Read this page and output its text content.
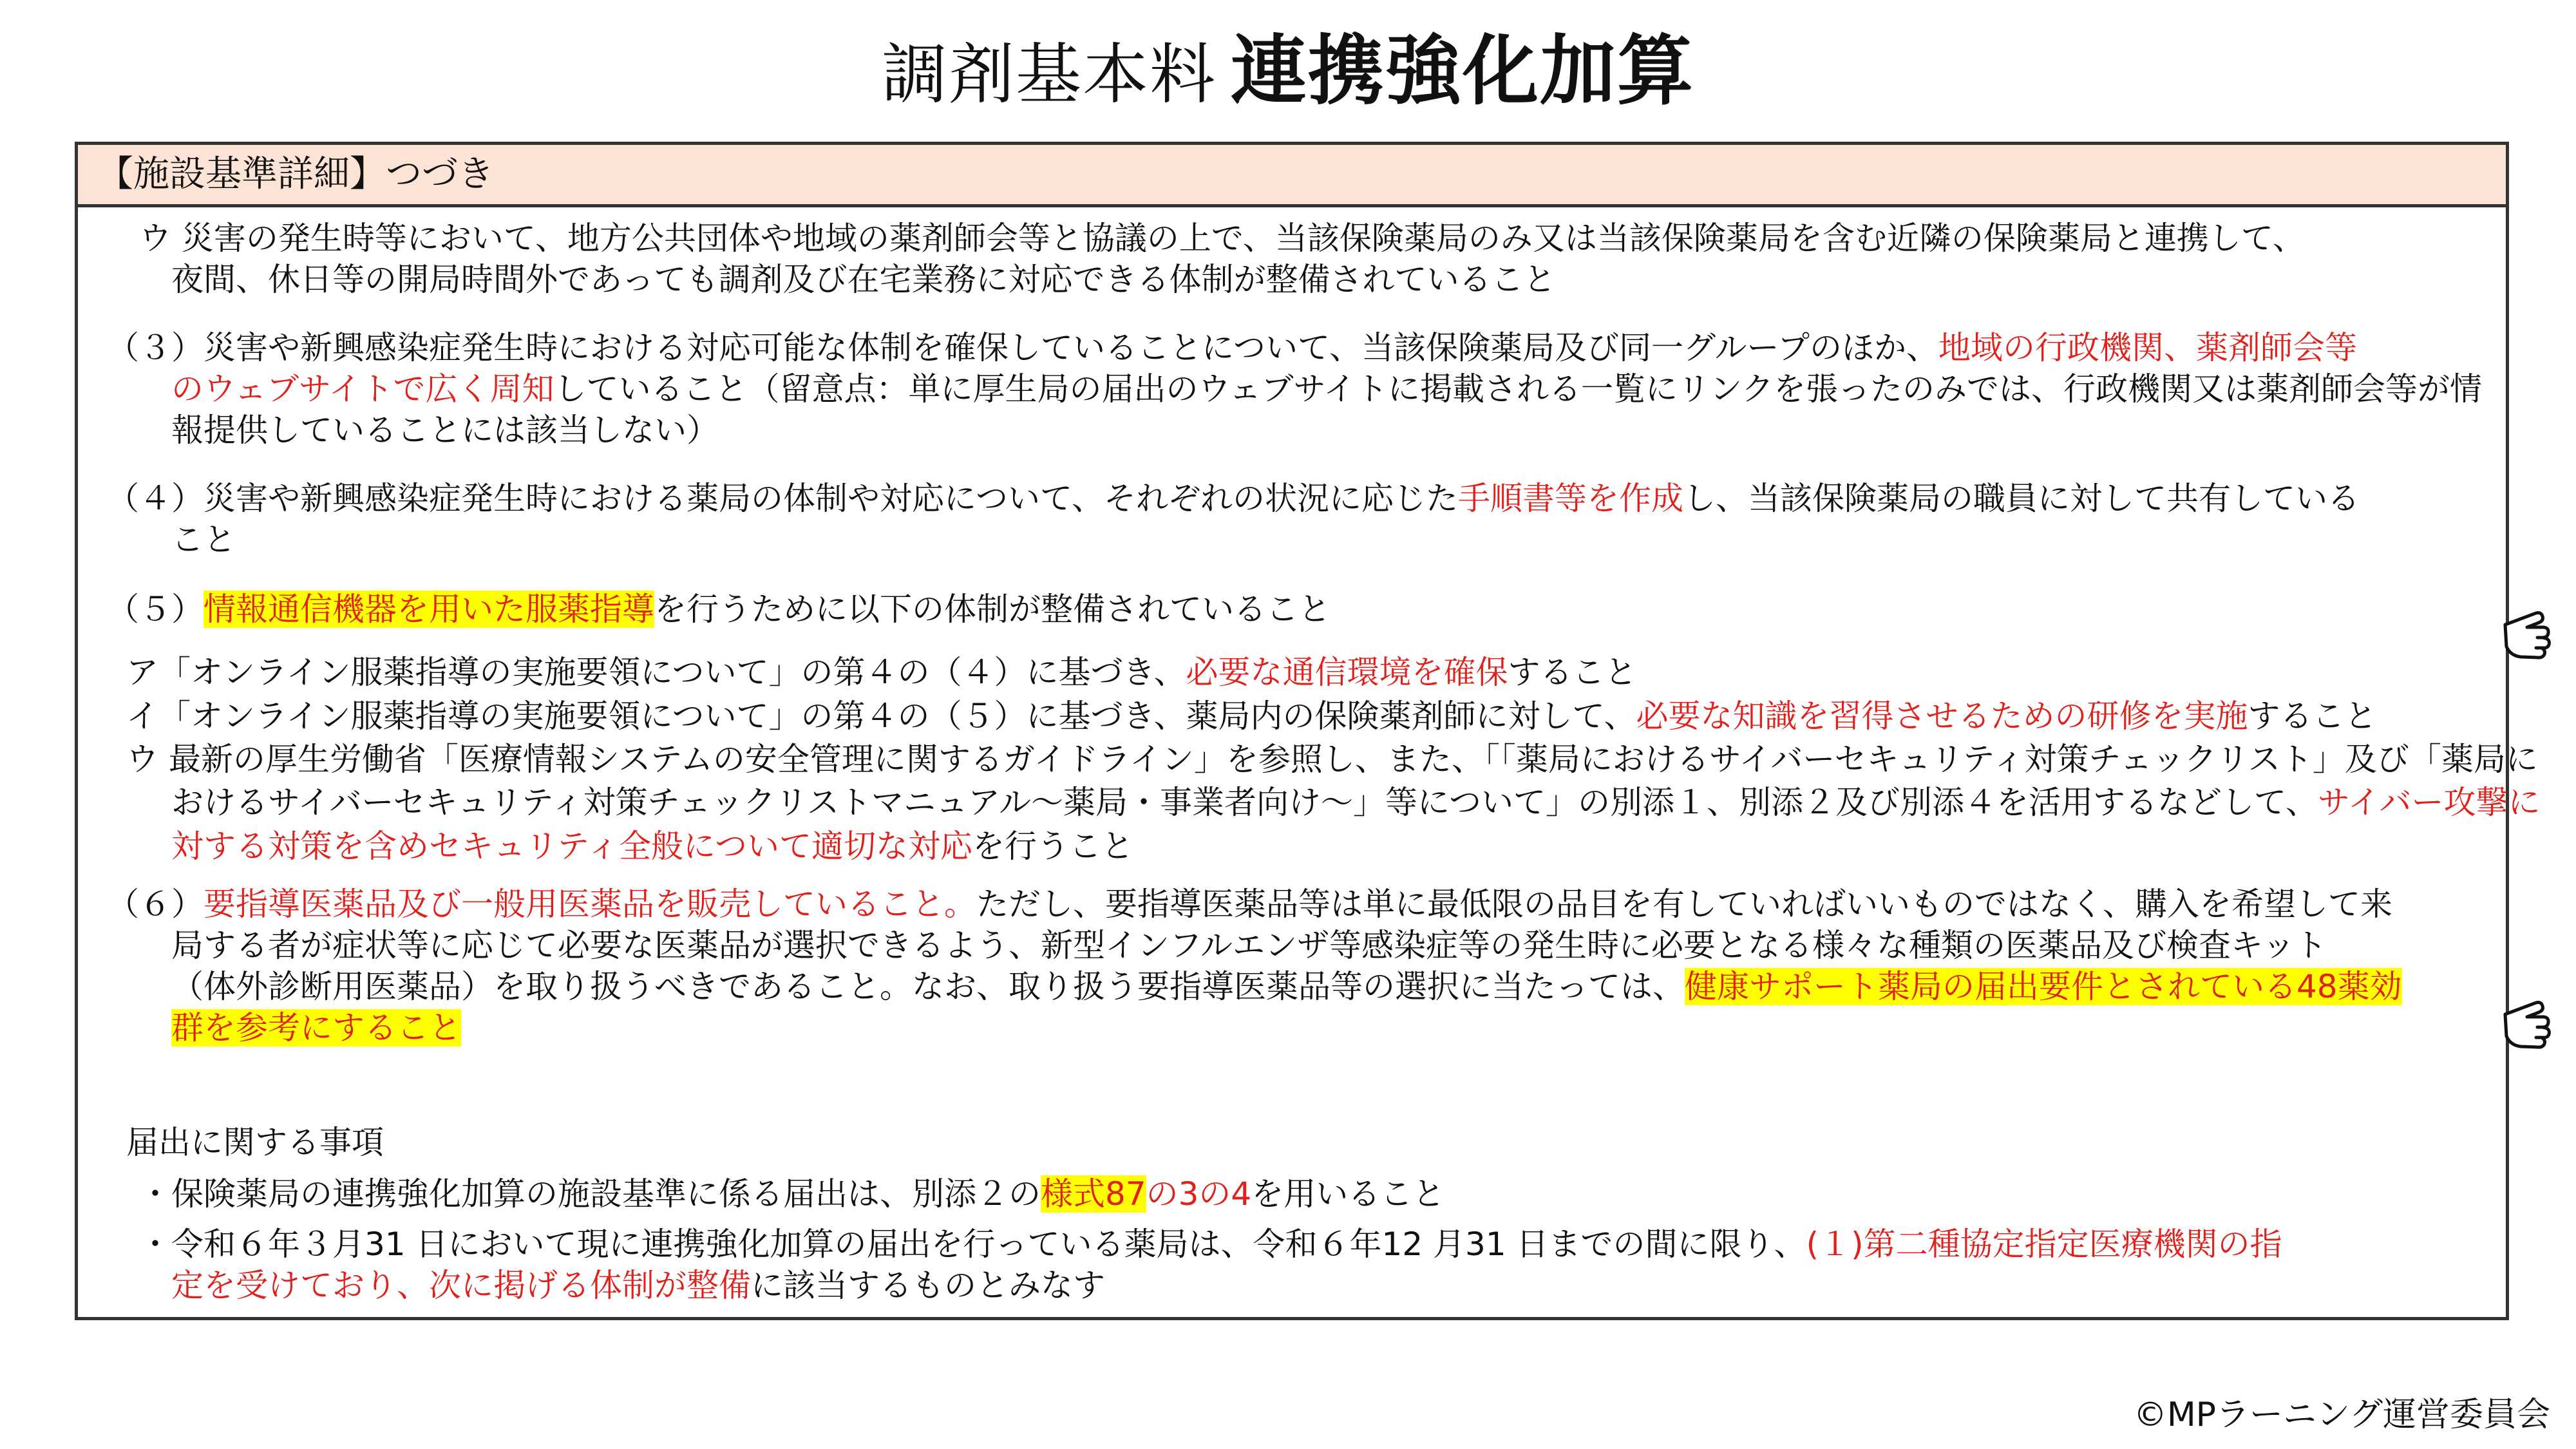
調剤基本料 連携強化加算
【施設基準詳細】つづき
ウ 災害の発生時等において、地方公共団体や地域の薬剤師会等と協議の上で、当該保険薬局のみ又は当該保険薬局を含む近隣の保険薬局と連携して、
夜間、休日等の開局時間外であっても調剤及び在宅業務に対応できる体制が整備されていること
（３）災害や新興感染症発生時における対応可能な体制を確保していることについて、当該保険薬局及び同一グループのほか、地域の行政機関、薬剤師会等
のウェブサイトで広く周知していること（留意点：単に厚生局の届出のウェブサイトに掲載される一覧にリンクを張ったのみでは、行政機関又は薬剤師会等が情
報提供していることには該当しない）
（４）災害や新興感染症発生時における薬局の体制や対応について、それぞれの状況に応じた手順書等を作成し、当該保険薬局の職員に対して共有している
こと
（５）情報通信機器を用いた服薬指導を行うために以下の体制が整備されていること
ア「オンライン服薬指導の実施要領について」の第４の（４）に基づき、必要な通信環境を確保すること
イ「オンライン服薬指導の実施要領について」の第４の（５）に基づき、薬局内の保険薬剤師に対して、必要な知識を習得させるための研修を実施すること
ウ 最新の厚生労働省「医療情報システムの安全管理に関するガイドライン」を参照し、また、「「薬局におけるサイバーセキュリティ対策チェックリスト」及び「薬局に
おけるサイバーセキュリティ対策チェックリストマニュアル～薬局・事業者向け～」等について」の別添１、別添２及び別添４を活用するなどして、サイバー攻撃に
対する対策を含めセキュリティ全般について適切な対応を行うこと
（６）要指導医薬品及び一般用医薬品を販売していること。ただし、要指導医薬品等は単に最低限の品目を有していればいいものではなく、購入を希望して来
局する者が症状等に応じて必要な医薬品が選択できるよう、新型インフルエンザ等感染症等の発生時に必要となる様々な種類の医薬品及び検査キット
（体外診断用医薬品）を取り扱うべきであること。なお、取り扱う要指導医薬品等の選択に当たっては、健康サポート薬局の届出要件とされている48薬効
群を参考にすること
届出に関する事項
・保険薬局の連携強化加算の施設基準に係る届出は、別添２の様式87の3の4を用いること
・令和６年３月31 日において現に連携強化加算の届出を行っている薬局は、令和６年12 月31 日までの間に限り、(１)第二種協定指定医療機関の指
定を受けており、次に掲げる体制が整備に該当するものとみなす
©MPラーニング運営委員会
